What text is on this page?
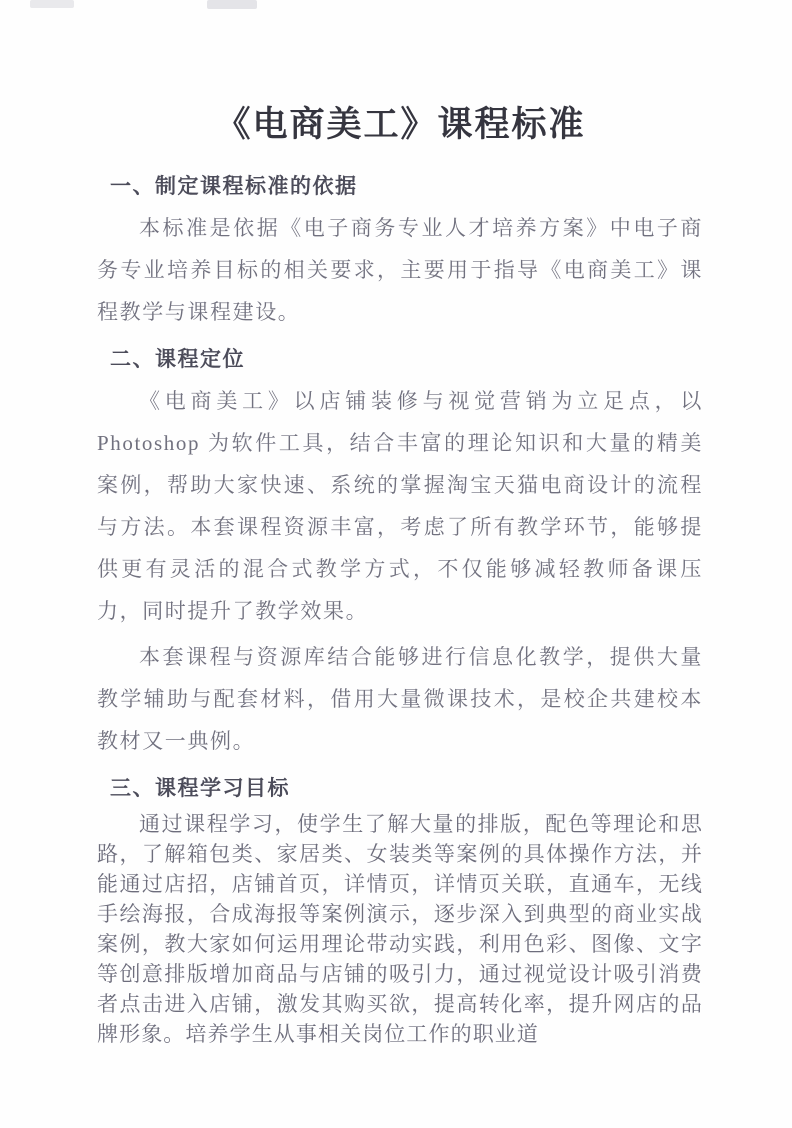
《电商美工》课程标准
一、制定课程标准的依据

本标准是依据《电子商务专业人才培养方案》中电子商务专业培养目标的相关要求，主要用于指导《电商美工》课程教学与课程建设。

二、课程定位

《电商美工》以店铺装修与视觉营销为立足点，以 Photoshop 为软件工具，结合丰富的理论知识和大量的精美案例，帮助大家快速、系统的掌握淘宝天猫电商设计的流程与方法。本套课程资源丰富，考虑了所有教学环节，能够提供更有灵活的混合式教学方式，不仅能够减轻教师备课压力，同时提升了教学效果。

本套课程与资源库结合能够进行信息化教学，提供大量教学辅助与配套材料，借用大量微课技术，是校企共建校本教材又一典例。

三、课程学习目标

通过课程学习，使学生了解大量的排版，配色等理论和思路，了解箱包类、家居类、女装类等案例的具体操作方法，并能通过店招，店铺首页，详情页，详情页关联，直通车，无线手绘海报，合成海报等案例演示，逐步深入到典型的商业实战案例，教大家如何运用理论带动实践，利用色彩、图像、文字等创意排版增加商品与店铺的吸引力，通过视觉设计吸引消费者点击进入店铺，激发其购买欲，提高转化率，提升网店的品牌形象。培养学生从事相关岗位工作的职业道
